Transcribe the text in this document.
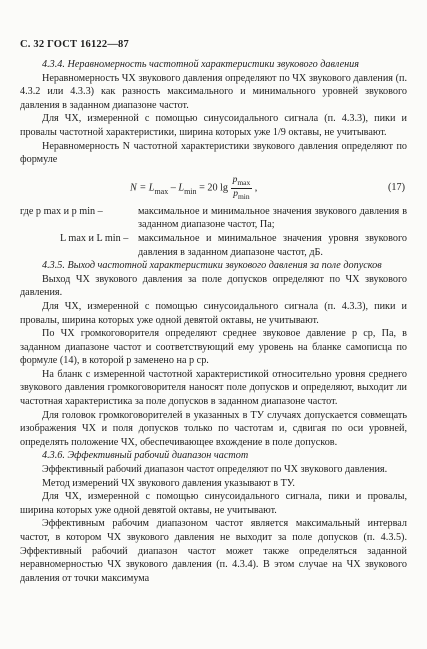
С. 32 ГОСТ 16122—87

4.3.4. Неравномерность частотной характеристики звукового давления

Неравномерность ЧХ звукового давления определяют по ЧХ звукового давления (п. 4.3.2 или 4.3.3) как разность максимального и минимального уровней звукового давления в заданном диапазоне частот.

Для ЧХ, измеренной с помощью синусоидального сигнала (п. 4.3.3), пики и провалы частотной характеристики, ширина которых уже 1/9 октавы, не учитывают.

Неравномерность N частотной характеристики звукового давления определяют по формуле

$N = L_{max} - L_{min} = 20$ $\lg \frac{p_{max}}{p_{min}}$ ,	(17)
где p max и p min –	максимальное и минимальное значения звукового давления в заданном диапазоне частот, Па;
L max и L min – максимальное и минимальное значения уровня звукового давления в заданном диапазоне частот, дБ.

4.3.5. Выход частотной характеристики звукового давления за поле допусков

Выход ЧХ звукового давления за поле допусков определяют по ЧХ звукового давления.

Для ЧХ, измеренной с помощью синусоидального сигнала (п. 4.3.3), пики и провалы, ширина которых уже одной девятой октавы, не учитывают.

По ЧХ громкоговорителя определяют среднее звуковое давление p ср, Па, в заданном диапазоне частот и соответствующий ему уровень на бланке самописца по формуле (14), в которой p заменено на p ср.

На бланк с измеренной частотной характеристикой относительно уровня среднего звукового давления громкоговорителя наносят поле допусков и определяют, выходит ли частотная характеристика за поле допусков в заданном диапазоне частот.

Для головок громкоговорителей в указанных в ТУ случаях допускается совмещать изображения ЧХ и поля допусков только по частотам и, сдвигая по оси уровней, определять положение ЧХ, обеспечивающее вхождение в поле допусков.

4.3.6. Эффективный рабочий диапазон частот

Эффективный рабочий диапазон частот определяют по ЧХ звукового давления.

Метод измерений ЧХ звукового давления указывают в ТУ.

Для ЧХ, измеренной с помощью синусоидального сигнала, пики и провалы, ширина которых уже одной девятой октавы, не учитывают.

Эффективным рабочим диапазоном частот является максимальный интервал частот, в котором ЧХ звукового давления не выходит за поле допусков (п. 4.3.5). Эффективный рабочий диапазон частот может также определяться заданной неравномерностью ЧХ звукового давления (п. 4.3.4). В этом случае на ЧХ звукового давления от точки максимума
